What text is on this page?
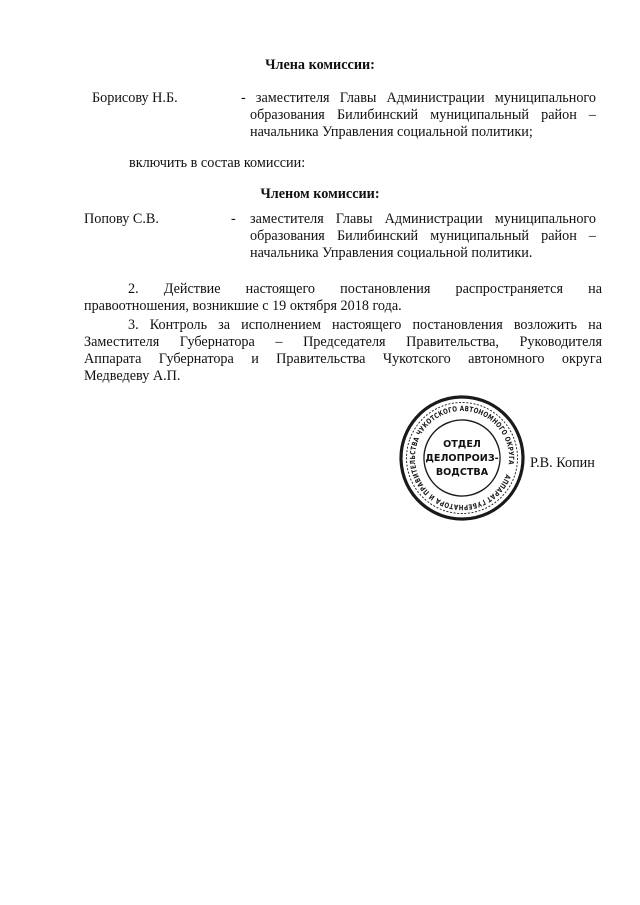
Члена комиссии:
Борисову Н.Б.	- заместителя Главы Администрации муниципального
образования Билибинский муниципальный район –
начальника Управления социальной политики;
включить в состав комиссии:
Членом комиссии:
Попову С.В.	- заместителя Главы Администрации муниципального
образования Билибинский муниципальный район –
начальника Управления социальной политики.
2. Действие настоящего постановления распространяется на
правоотношения, возникшие с 19 октября 2018 года.
3. Контроль за исполнением настоящего постановления возложить на
Заместителя Губернатора – Председателя Правительства, Руководителя
Аппарата Губернатора и Правительства Чукотского автономного округа
Медведеву А.П.
АППАРАТ ГУБЕРНАТОРА И ПРАВИТЕЛЬСТВА ЧУКОТСКОГО АВТОНОМНОГО ОКРУГА
ОТДЕЛ
ДЕЛОПРОИЗ-
ВОДСТВА
Р.В. Копин
